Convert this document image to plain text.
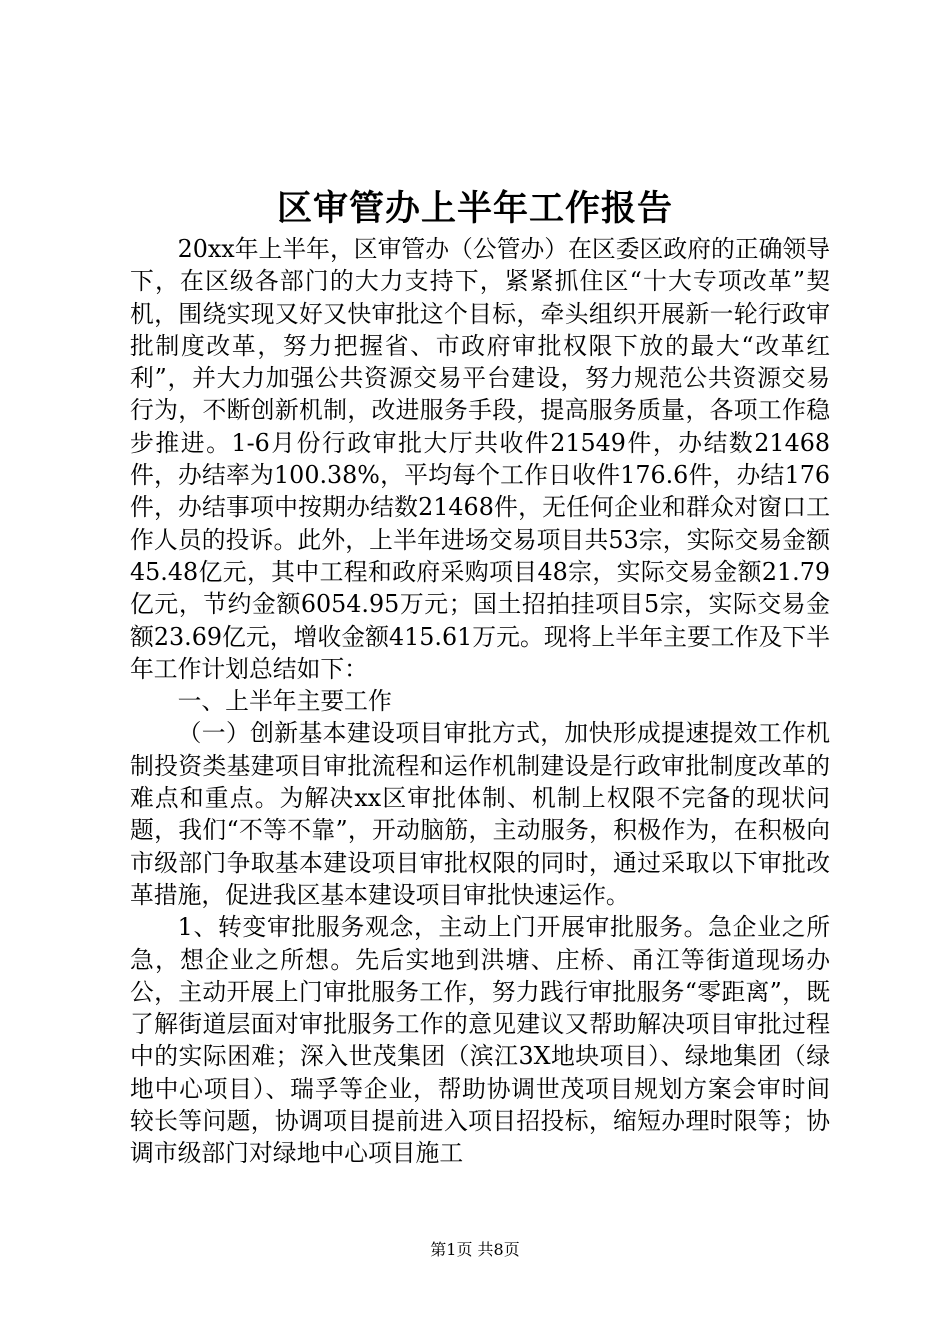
区审管办上半年工作报告

20xx年上半年，区审管办（公管办）在区委区政府的正确领导下，在区级各部门的大力支持下，紧紧抓住区“十大专项改革”契机，围绕实现又好又快审批这个目标，牵头组织开展新一轮行政审批制度改革，努力把握省、市政府审批权限下放的最大“改革红利”，并大力加强公共资源交易平台建设，努力规范公共资源交易行为，不断创新机制，改进服务手段，提高服务质量，各项工作稳步推进。1-6月份行政审批大厅共收件21549件，办结数21468件，办结率为100.38%，平均每个工作日收件176.6件，办结176件，办结事项中按期办结数21468件，无任何企业和群众对窗口工作人员的投诉。此外，上半年进场交易项目共53宗，实际交易金额45.48亿元，其中工程和政府采购项目48宗，实际交易金额21.79亿元，节约金额6054.95万元；国土招拍挂项目5宗，实际交易金额23.69亿元，增收金额415.61万元。现将上半年主要工作及下半年工作计划总结如下：

一、上半年主要工作

（一）创新基本建设项目审批方式，加快形成提速提效工作机制投资类基建项目审批流程和运作机制建设是行政审批制度改革的难点和重点。为解决xx区审批体制、机制上权限不完备的现状问题，我们“不等不靠”，开动脑筋，主动服务，积极作为，在积极向市级部门争取基本建设项目审批权限的同时，通过采取以下审批改革措施，促进我区基本建设项目审批快速运作。

1、转变审批服务观念，主动上门开展审批服务。急企业之所急，想企业之所想。先后实地到洪塘、庄桥、甬江等街道现场办公，主动开展上门审批服务工作，努力践行审批服务“零距离”，既了解街道层面对审批服务工作的意见建议又帮助解决项目审批过程中的实际困难；深入世茂集团（滨江3X地块项目）、绿地集团（绿地中心项目）、瑞孚等企业，帮助协调世茂项目规划方案会审时间较长等问题，协调项目提前进入项目招投标，缩短办理时限等；协调市级部门对绿地中心项目施工

第1页 共8页
